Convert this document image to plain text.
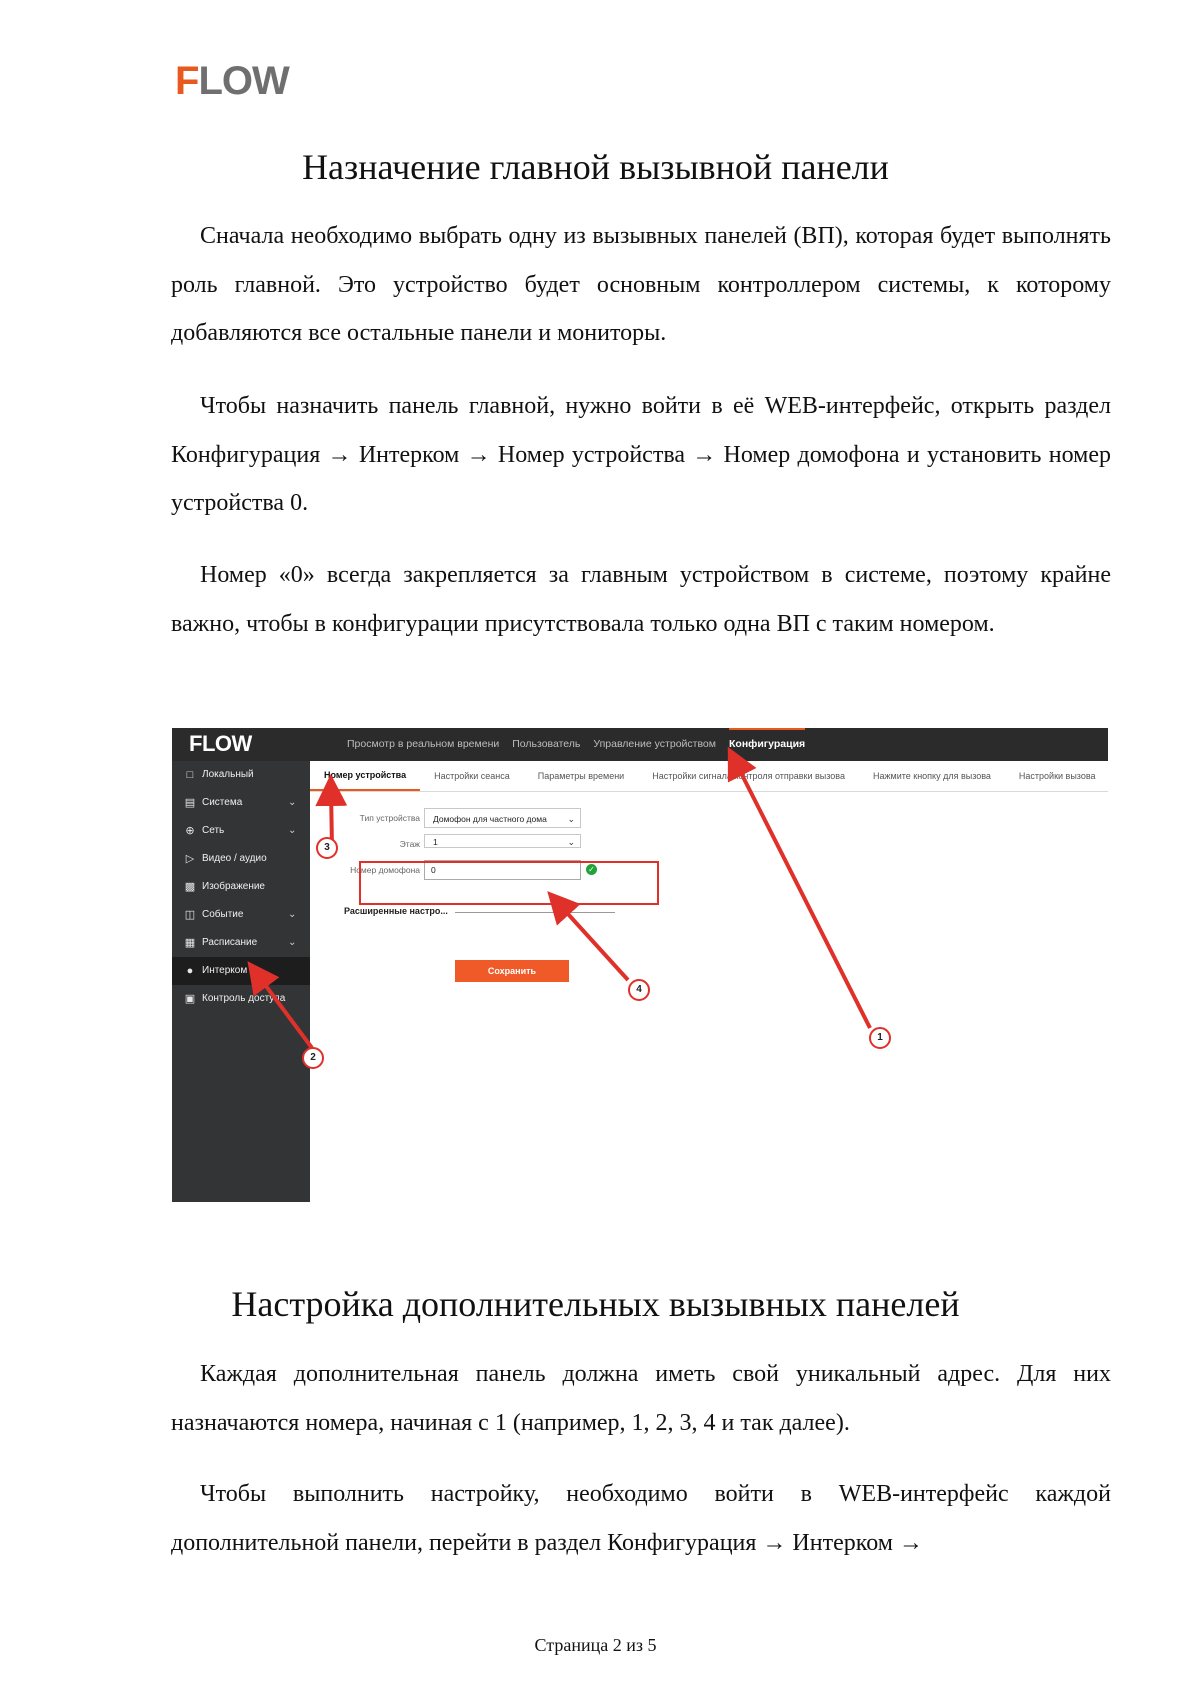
FLOW
Назначение главной вызывной панели

Сначала необходимо выбрать одну из вызывных панелей (ВП), которая будет выполнять роль главной. Это устройство будет основным контроллером системы, к которому добавляются все остальные панели и мониторы.

Чтобы назначить панель главной, нужно войти в её WEB-интерфейс, открыть раздел Конфигурация → Интерком → Номер устройства → Номер домофона и установить номер устройства 0.

Номер «0» всегда закрепляется за главным устройством в системе, поэтому крайне важно, чтобы в конфигурации присутствовала только одна ВП с таким номером.

FLOW	Просмотр в реальном времени Пользователь Управление устройством Конфигурация
□ Локальный
▤ Система	⌄
⊕ Сеть	⌄
▷ Видео / аудио
▩ Изображение
◫ Событие	⌄
▦ Расписание	⌄
● Интерком
▣ Контроль доступа
Номер устройства	Настройки сеанса	Параметры времени	Настройки сигнала контроля отправки вызова	Нажмите кнопку для вызова	Настройки вызова
Тип устройства	Домофон для частного дома ⌄
Этаж	1	⌄
Номер домофона	0	✓
Расширенные настро...
Сохранить
1
2
3
4
Настройка дополнительных вызывных панелей

Каждая дополнительная панель должна иметь свой уникальный адрес. Для них назначаются номера, начиная с 1 (например, 1, 2, 3, 4 и так далее).

Чтобы выполнить настройку, необходимо войти в WEB-интерфейс каждой дополнительной панели, перейти в раздел Конфигурация → Интерком →

Страница 2 из 5
